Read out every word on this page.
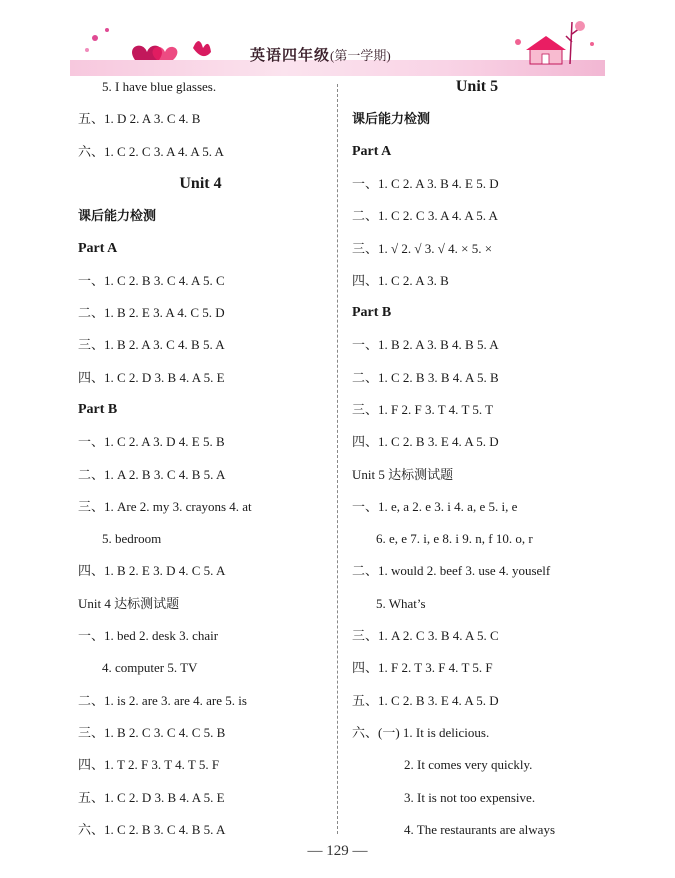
英语四年级(第一学期)
5. I have blue glasses.
五、1. D 2. A 3. C 4. B
六、1. C 2. C 3. A 4. A 5. A
Unit 4
课后能力检测
Part A
一、1. C 2. B 3. C 4. A 5. C
二、1. B 2. E 3. A 4. C 5. D
三、1. B 2. A 3. C 4. B 5. A
四、1. C 2. D 3. B 4. A 5. E
Part B
一、1. C 2. A 3. D 4. E 5. B
二、1. A 2. B 3. C 4. B 5. A
三、1. Are 2. my 3. crayons 4. at
5. bedroom
四、1. B 2. E 3. D 4. C 5. A
Unit 4 达标测试题
一、1. bed 2. desk 3. chair
4. computer 5. TV
二、1. is 2. are 3. are 4. are 5. is
三、1. B 2. C 3. C 4. C 5. B
四、1. T 2. F 3. T 4. T 5. F
五、1. C 2. D 3. B 4. A 5. E
六、1. C 2. B 3. C 4. B 5. A
Unit 5
课后能力检测
Part A
一、1. C 2. A 3. B 4. E 5. D
二、1. C 2. C 3. A 4. A 5. A
三、1. √ 2. √ 3. √ 4. × 5. ×
四、1. C 2. A 3. B
Part B
一、1. B 2. A 3. B 4. B 5. A
二、1. C 2. B 3. B 4. A 5. B
三、1. F 2. F 3. T 4. T 5. T
四、1. C 2. B 3. E 4. A 5. D
Unit 5 达标测试题
一、1. e, a 2. e 3. i 4. a, e 5. i, e
6. e, e 7. i, e 8. i 9. n, f 10. o, r
二、1. would 2. beef 3. use 4. youself
5. What’s
三、1. A 2. C 3. B 4. A 5. C
四、1. F 2. T 3. F 4. T 5. F
五、1. C 2. B 3. E 4. A 5. D
六、(一) 1. It is delicious.
2. It comes very quickly.
3. It is not too expensive.
4. The restaurants are always
— 129 —
